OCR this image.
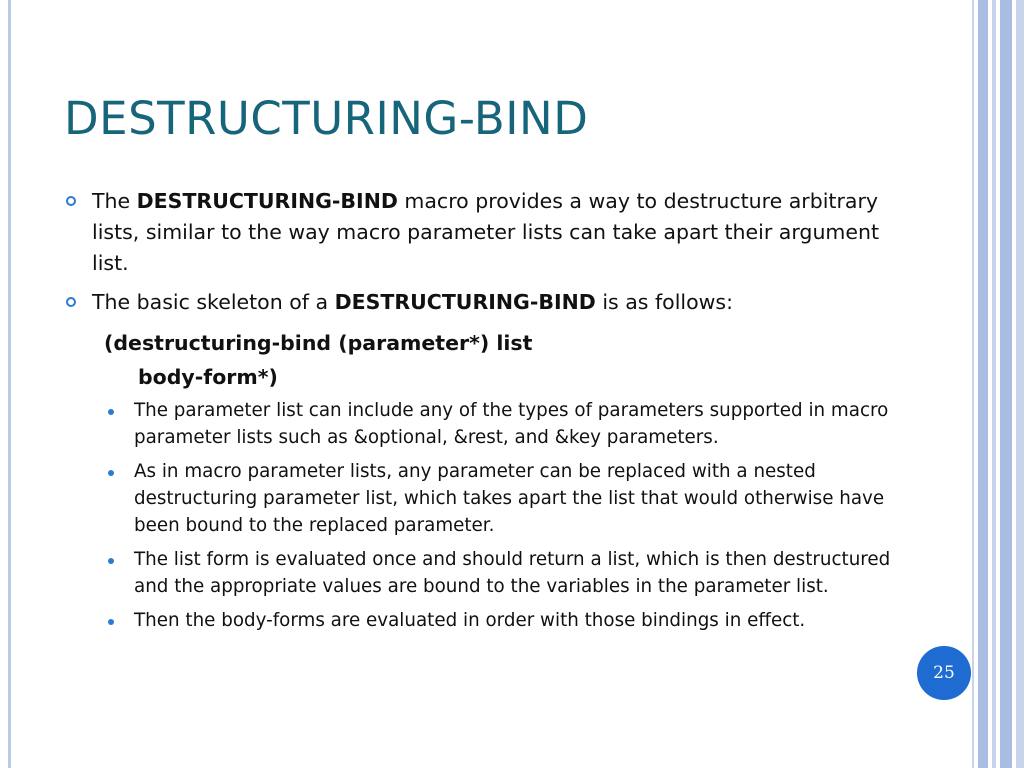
DESTRUCTURING-BIND
The DESTRUCTURING-BIND macro provides a way to destructure arbitrary lists, similar to the way macro parameter lists can take apart their argument list.
The basic skeleton of a DESTRUCTURING-BIND is as follows:
(destructuring-bind (parameter*) list
body-form*)
The parameter list can include any of the types of parameters supported in macro parameter lists such as &optional, &rest, and &key parameters.
As in macro parameter lists, any parameter can be replaced with a nested destructuring parameter list, which takes apart the list that would otherwise have been bound to the replaced parameter.
The list form is evaluated once and should return a list, which is then destructured and the appropriate values are bound to the variables in the parameter list.
Then the body-forms are evaluated in order with those bindings in effect.
25
